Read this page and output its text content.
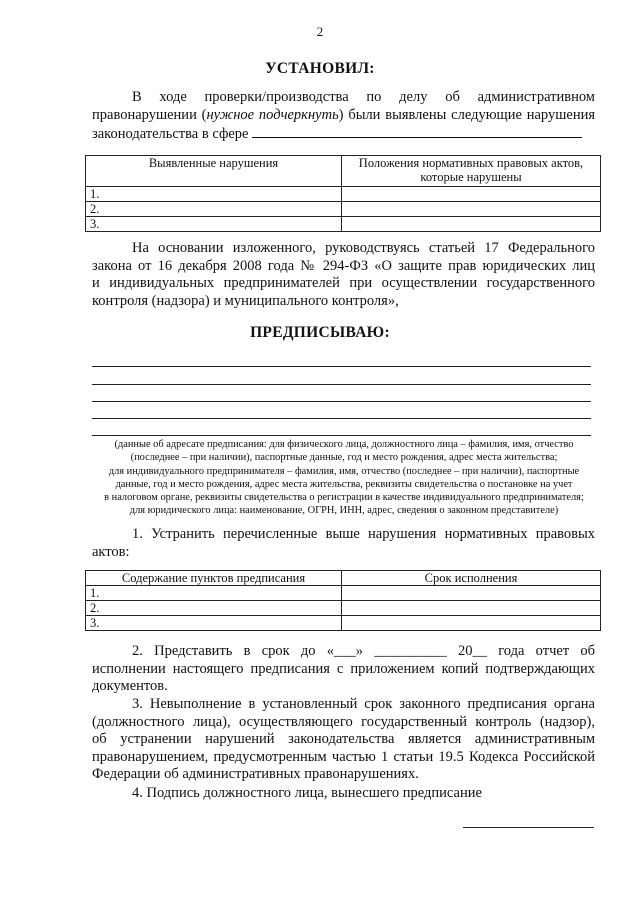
2
УСТАНОВИЛ:
В ходе проверки/производства по делу об административном
правонарушении (нужное подчеркнуть) были выявлены следующие нарушения
законодательства в сфере
Выявленные нарушения	Положения нормативных правовых актов, которые нарушены
1.	
2.	
3.	
На основании изложенного, руководствуясь статьей 17 Федерального
закона от 16 декабря 2008 года № 294-ФЗ «О защите прав юридических лиц
и индивидуальных предпринимателей при осуществлении государственного
контроля (надзора) и муниципального контроля»,
ПРЕДПИСЫВАЮ:
(данные об адресате предписания: для физического лица, должностного лица – фамилия, имя, отчество
(последнее – при наличии), паспортные данные, год и место рождения, адрес места жительства;
для индивидуального предпринимателя – фамилия, имя, отчество (последнее – при наличии), паспортные
данные, год и место рождения, адрес места жительства, реквизиты свидетельства о постановке на учет
в налоговом органе, реквизиты свидетельства о регистрации в качестве индивидуального предпринимателя;
для юридического лица: наименование, ОГРН, ИНН, адрес, сведения о законном представителе)
1. Устранить перечисленные выше нарушения нормативных правовых
актов:
Содержание пунктов предписания	Срок исполнения
1.	
2.	
3.	
2. Представить в срок до «___» __________ 20__ года отчет об
исполнении настоящего предписания с приложением копий подтверждающих
документов.
3. Невыполнение в установленный срок законного предписания органа
(должностного лица), осуществляющего государственный контроль (надзор),
об устранении нарушений законодательства является административным
правонарушением, предусмотренным частью 1 статьи 19.5 Кодекса Российской
Федерации об административных правонарушениях.
4. Подпись должностного лица, вынесшего предписание
